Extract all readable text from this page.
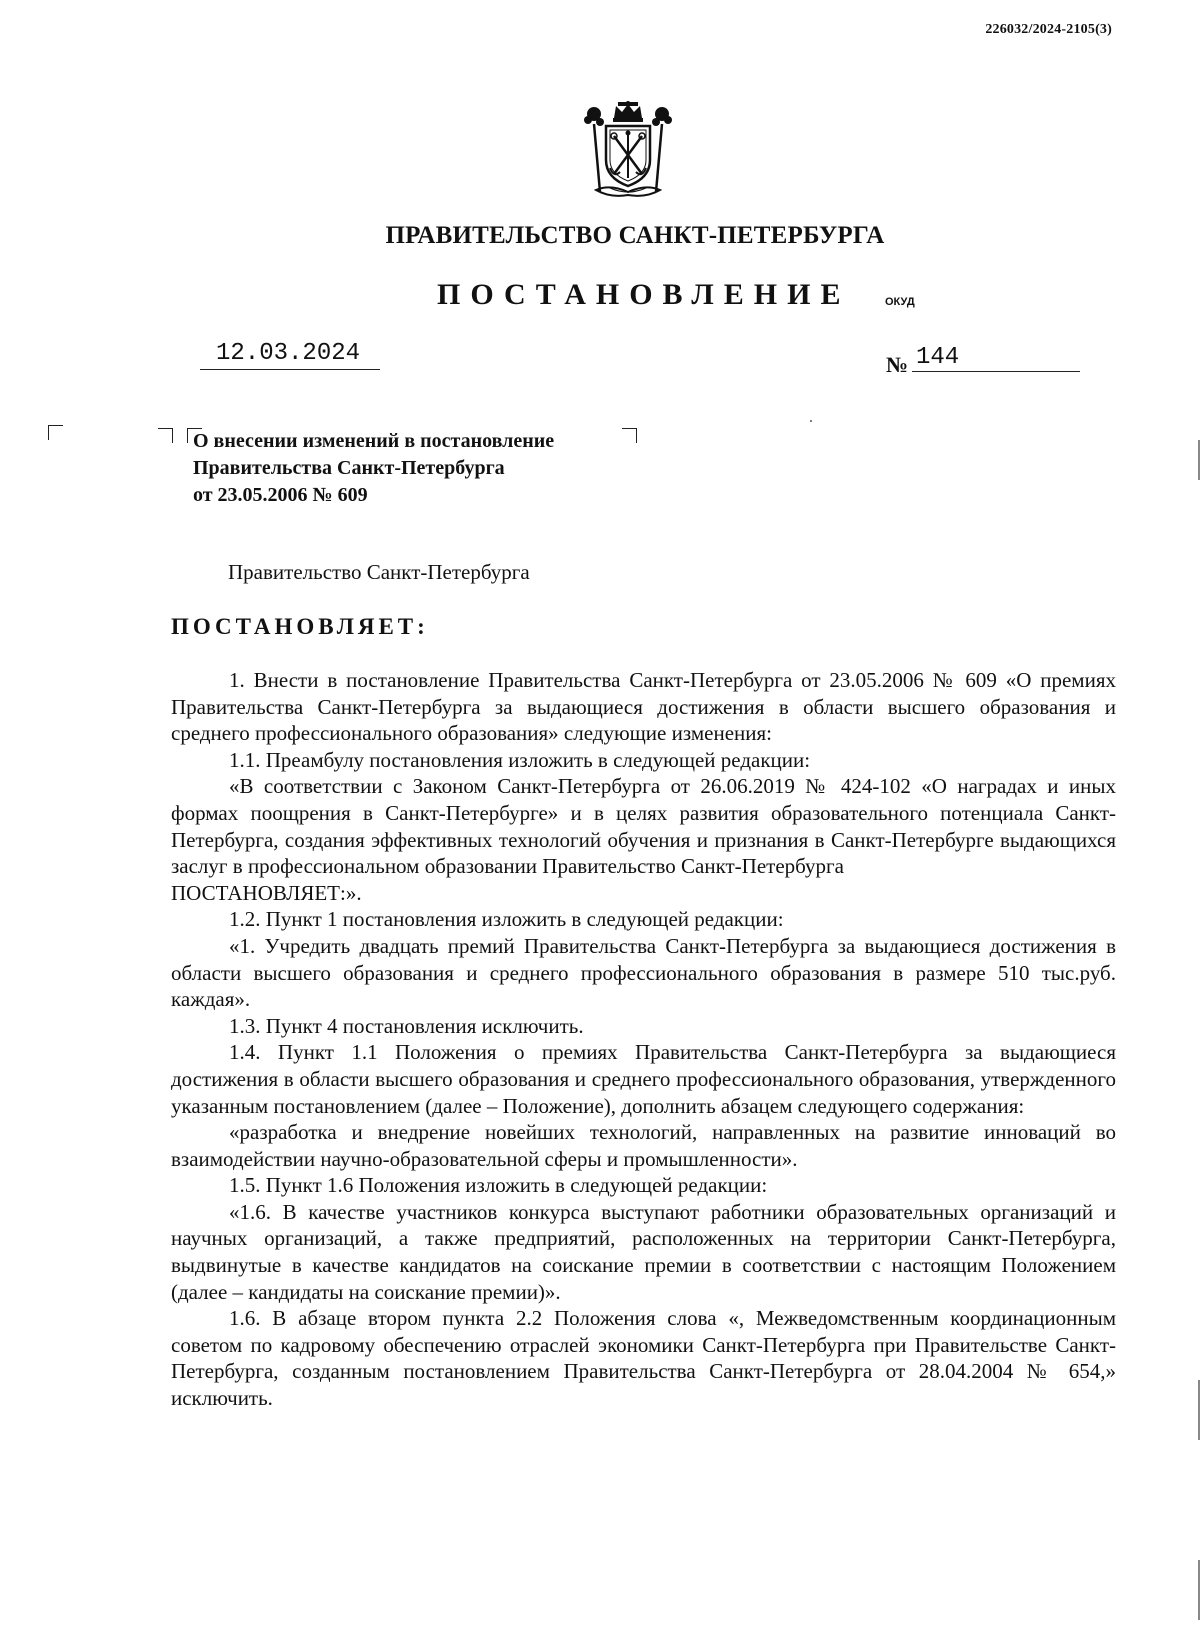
226032/2024-2105(3)
ПРАВИТЕЛЬСТВО САНКТ-ПЕТЕРБУРГА
ПОСТАНОВЛЕНИЕ	ОКУД
12.03.2024	№ 144
О внесении изменений в постановление
Правительства Санкт-Петербурга
от 23.05.2006 № 609
Правительство Санкт-Петербурга
ПОСТАНОВЛЯЕТ:

1. Внести в постановление Правительства Санкт-Петербурга от 23.05.2006 № 609 «О премиях Правительства Санкт-Петербурга за выдающиеся достижения в области высшего образования и среднего профессионального образования» следующие изменения:

1.1. Преамбулу постановления изложить в следующей редакции:

«В соответствии с Законом Санкт-Петербурга от 26.06.2019 № 424-102 «О наградах и иных формах поощрения в Санкт-Петербурге» и в целях развития образовательного потенциала Санкт-Петербурга, создания эффективных технологий обучения и признания в Санкт-Петербурге выдающихся заслуг в профессиональном образовании Правительство Санкт-Петербурга

ПОСТАНОВЛЯЕТ:».

1.2. Пункт 1 постановления изложить в следующей редакции:

«1. Учредить двадцать премий Правительства Санкт-Петербурга за выдающиеся достижения в области высшего образования и среднего профессионального образования в размере 510 тыс.руб. каждая».

1.3. Пункт 4 постановления исключить.

1.4. Пункт 1.1 Положения о премиях Правительства Санкт-Петербурга за выдающиеся достижения в области высшего образования и среднего профессионального образования, утвержденного указанным постановлением (далее – Положение), дополнить абзацем следующего содержания:

«разработка и внедрение новейших технологий, направленных на развитие инноваций во взаимодействии научно-образовательной сферы и промышленности».

1.5. Пункт 1.6 Положения изложить в следующей редакции:

«1.6. В качестве участников конкурса выступают работники образовательных организаций и научных организаций, а также предприятий, расположенных на территории Санкт-Петербурга, выдвинутые в качестве кандидатов на соискание премии в соответствии с настоящим Положением (далее – кандидаты на соискание премии)».

1.6. В абзаце втором пункта 2.2 Положения слова «, Межведомственным координационным советом по кадровому обеспечению отраслей экономики Санкт-Петербурга при Правительстве Санкт-Петербурга, созданным постановлением Правительства Санкт-Петербурга от 28.04.2004 № 654,» исключить.
